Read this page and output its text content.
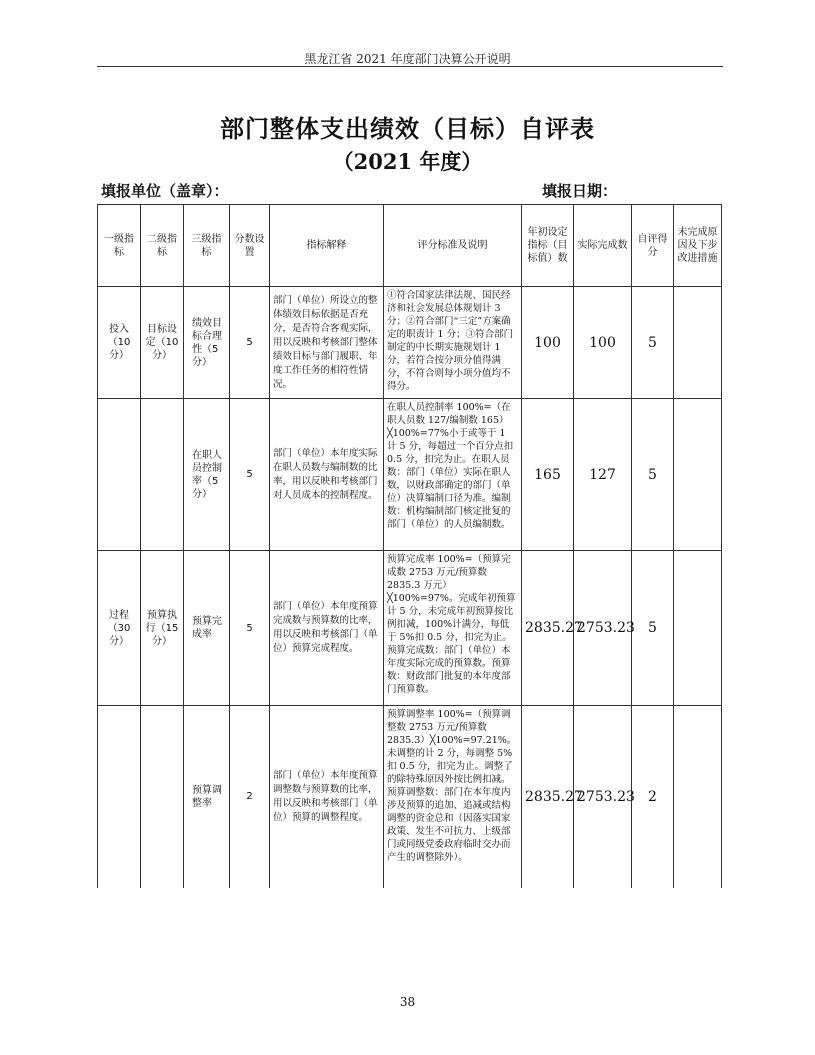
黑龙江省 2021 年度部门决算公开说明
部门整体支出绩效（目标）自评表
（2021 年度）
填报单位（盖章）：	填报日期：
一级指标	二级指标	三级指标	分数设置	指标解释	评分标准及说明	年初设定指标（目标值）数	实际完成数	自评得分	未完成原因及下步改进措施
投入（10分）	目标设定（10分）	绩效目标合理性（5分）	5	部门（单位）所设立的整体绩效目标依据是否充分，是否符合客观实际，用以反映和考核部门整体绩效目标与部门履职、年度工作任务的相符性情况。	①符合国家法律法规、国民经济和社会发展总体规划计 3 分；②符合部门“三定”方案确定的职责计 1 分；③符合部门制定的中长期实施规划计 1 分，若符合按分项分值得满分，不符合则每小项分值均不得分。	100	100	5	
		在职人员控制率（5分）	5	部门（单位）本年度实际在职人员数与编制数的比率，用以反映和考核部门对人员成本的控制程度。	在职人员控制率 100%=（在职人员数 127/编制数 165）╳100%=77%小于或等于 1 计 5 分，每超过一个百分点扣 0.5 分，扣完为止。在职人员数：部门（单位）实际在职人数，以财政部确定的部门（单位）决算编制口径为准。编制数：机构编制部门核定批复的部门（单位）的人员编制数。	165	127	5	
过程（30分）	预算执行（15分）	预算完成率	5	部门（单位）本年度预算完成数与预算数的比率，用以反映和考核部门（单位）预算完成程度。	预算完成率 100%=（预算完成数 2753 万元/预算数 2835.3 万元）╳100%=97%。完成年初预算计 5 分，未完成年初预算按比例扣减，100%计满分，每低于 5%扣 0.5 分，扣完为止。预算完成数：部门（单位）本年度实际完成的预算数。预算数：财政部门批复的本年度部门预算数。	2835.27	2753.23	5	
		预算调整率	2	部门（单位）本年度预算调整数与预算数的比率，用以反映和考核部门（单位）预算的调整程度。	预算调整率 100%=（预算调整数 2753 万元/预算数 2835.3）╳100%=97.21%。未调整的计 2 分，每调整 5%扣 0.5 分，扣完为止。调整了的除特殊原因外按比例扣减。预算调整数：部门在本年度内涉及预算的追加、追减或结构调整的资金总和（因落实国家政策、发生不可抗力、上级部门或同级党委政府临时交办而产生的调整除外）。	2835.27	2753.23	2	
38
